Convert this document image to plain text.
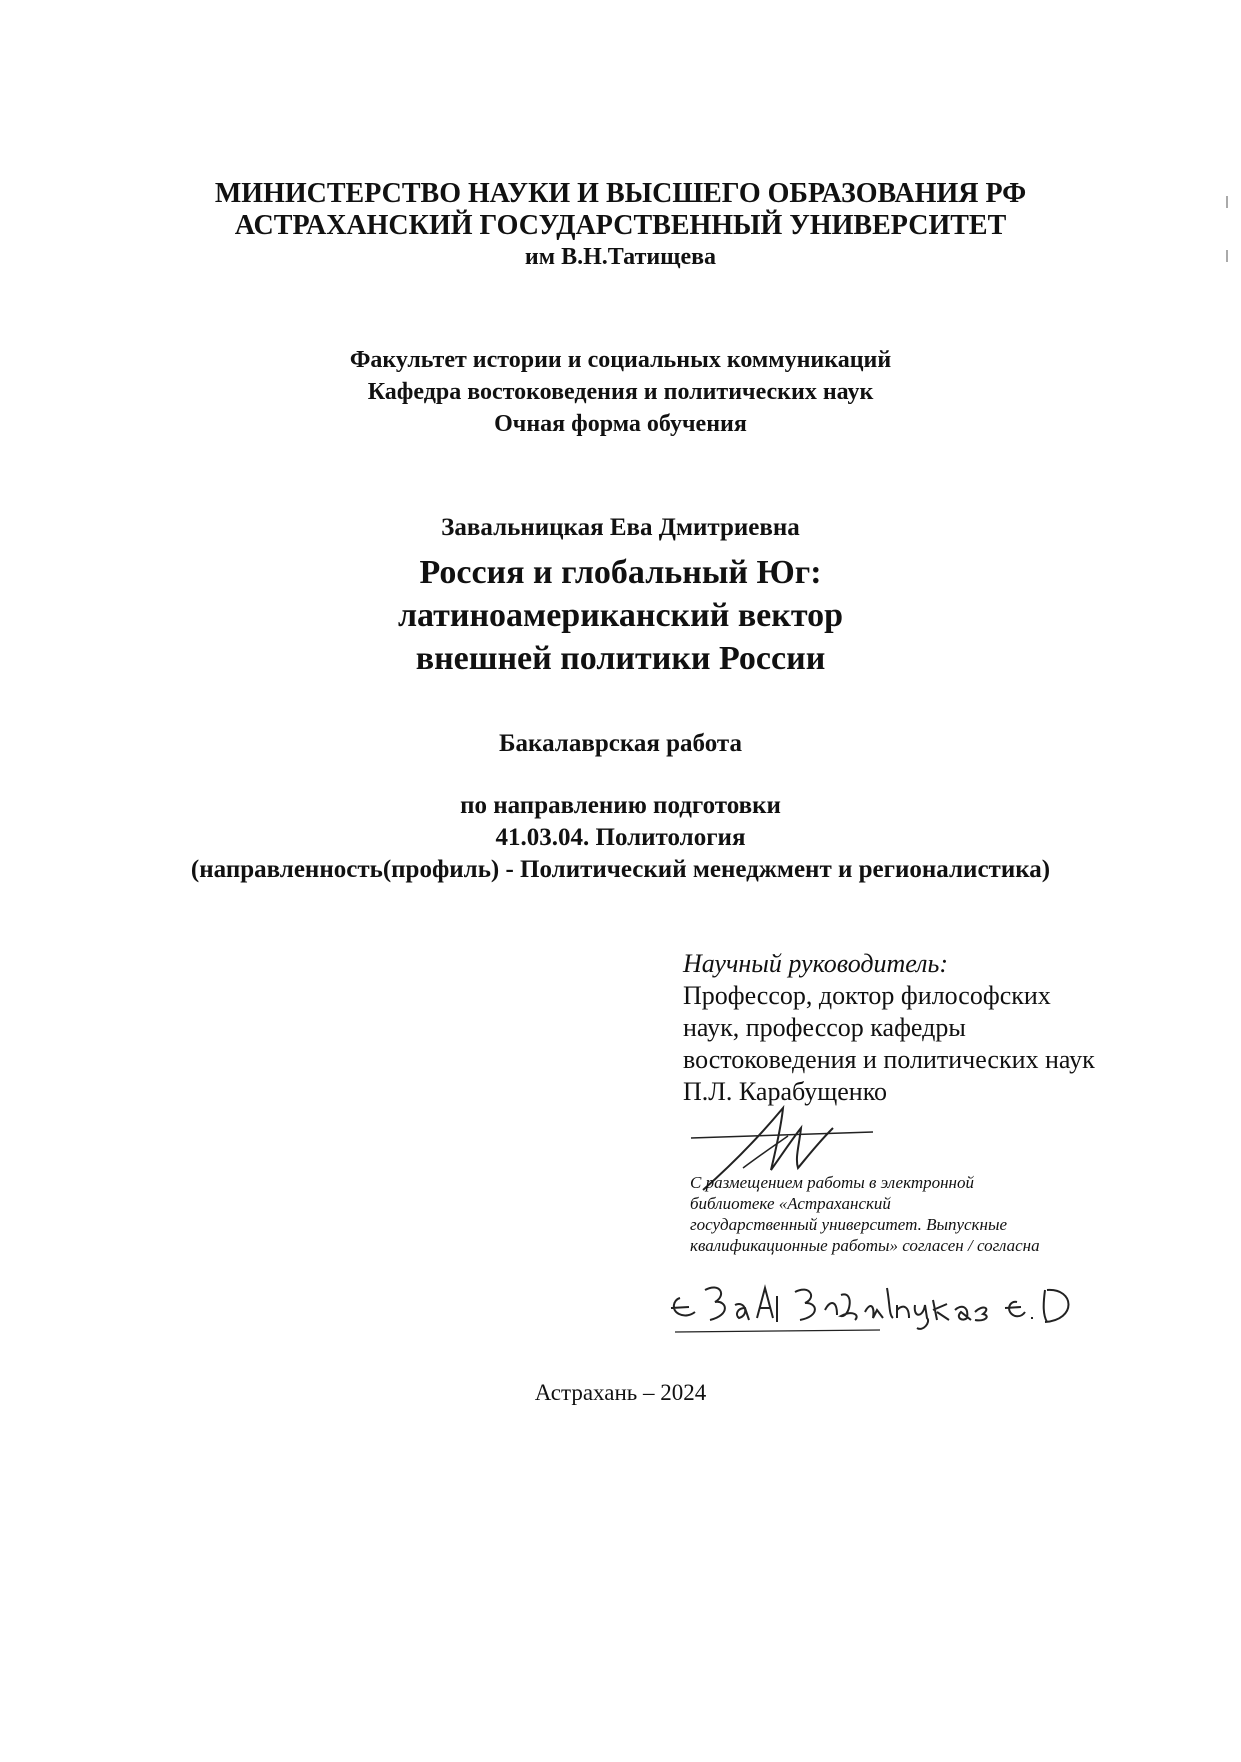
МИНИСТЕРСТВО НАУКИ И ВЫСШЕГО ОБРАЗОВАНИЯ РФ
АСТРАХАНСКИЙ ГОСУДАРСТВЕННЫЙ УНИВЕРСИТЕТ
им В.Н.Татищева
Факультет истории и социальных коммуникаций
Кафедра востоковедения и политических наук
Очная форма обучения
Завальницкая Ева Дмитриевна
Россия и глобальный Юг:
латиноамериканский вектор
внешней политики России
Бакалаврская работа
по направлению подготовки
41.03.04. Политология
(направленность(профиль) - Политический менеджмент и регионалистика)
Научный руководитель:
Профессор, доктор философских
наук, профессор кафедры
востоковедения и политических наук
П.Л. Карабущенко
С размещением работы в электронной
библиотеке «Астраханский
государственный университет. Выпускные
квалификационные работы» согласен / согласна
Астрахань – 2024
